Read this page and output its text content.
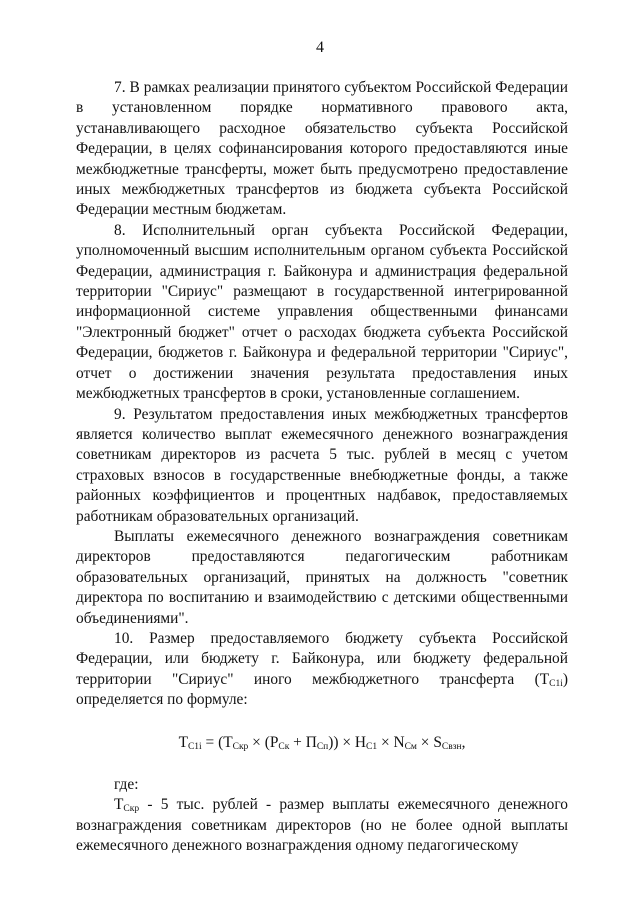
4

7. В рамках реализации принятого субъектом Российской Федерации в установленном порядке нормативного правового акта, устанавливающего расходное обязательство субъекта Российской Федерации, в целях софинансирования которого предоставляются иные межбюджетные трансферты, может быть предусмотрено предоставление иных межбюджетных трансфертов из бюджета субъекта Российской Федерации местным бюджетам.

8. Исполнительный орган субъекта Российской Федерации, уполномоченный высшим исполнительным органом субъекта Российской Федерации, администрация г. Байконура и администрация федеральной территории "Сириус" размещают в государственной интегрированной информационной системе управления общественными финансами "Электронный бюджет" отчет о расходах бюджета субъекта Российской Федерации, бюджетов г. Байконура и федеральной территории "Сириус", отчет о достижении значения результата предоставления иных межбюджетных трансфертов в сроки, установленные соглашением.

9. Результатом предоставления иных межбюджетных трансфертов является количество выплат ежемесячного денежного вознаграждения советникам директоров из расчета 5 тыс. рублей в месяц с учетом страховых взносов в государственные внебюджетные фонды, а также районных коэффициентов и процентных надбавок, предоставляемых работникам образовательных организаций.

Выплаты ежемесячного денежного вознаграждения советникам директоров предоставляются педагогическим работникам образовательных организаций, принятых на должность "советник директора по воспитанию и взаимодействию с детскими общественными объединениями".

10. Размер предоставляемого бюджету субъекта Российской Федерации, или бюджету г. Байконура, или бюджету федеральной территории "Сириус" иного межбюджетного трансферта $(Т_{С1i})$ определяется по формуле:

$Т_{С1i} = (Т_{Скр} \times (Р_{Ск} + П_{Сп})) \times Н_{С1} \times N_{См} \times S_{Свзн}$,

где:

$Т_{Скр} - 5$ тыс. рублей - размер выплаты ежемесячного денежного вознаграждения советникам директоров (но не более одной выплаты ежемесячного денежного вознаграждения одному педагогическому
